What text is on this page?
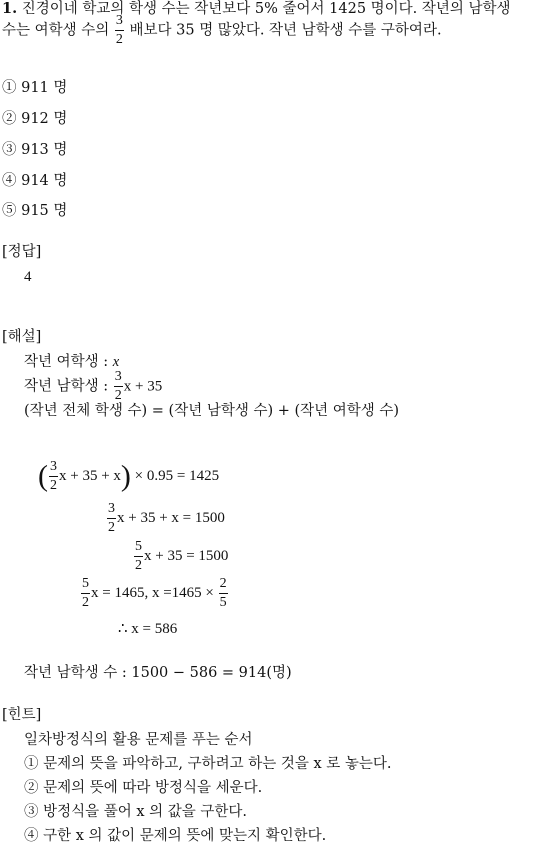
1. 진경이네 학교의 학생 수는 작년보다 5% 줄어서 1425 명이다. 작년의 남학생
수는 여학생 수의 $\frac{3}{2}$ 배보다 35 명 많았다. 작년 남학생 수를 구하여라.
① 911 명
② 912 명
③ 913 명
④ 914 명
⑤ 915 명
[정답]
4
[해설]
작년 여학생 : x
작년 남학생 : $\frac{3}{2}$ x + 35
(작년 전체 학생 수) = (작년 남학생 수) + (작년 여학생 수)
( $\frac{3}{2}$ x + 35 + x) × 0.95 = 1425
$\frac{3}{2}$ x + 35 + x = 1500
$\frac{5}{2}$ x + 35 = 1500
$\frac{5}{2}$ x = 1465, $x =1465 \times \frac{2}{5}$
∴ x = 586
작년 남학생 수 : 1500 − 586 = 914(명)
[힌트]
일차방정식의 활용 문제를 푸는 순서
① 문제의 뜻을 파악하고, 구하려고 하는 것을 x 로 놓는다.
② 문제의 뜻에 따라 방정식을 세운다.
③ 방정식을 풀어 x 의 값을 구한다.
④ 구한 x 의 값이 문제의 뜻에 맞는지 확인한다.
